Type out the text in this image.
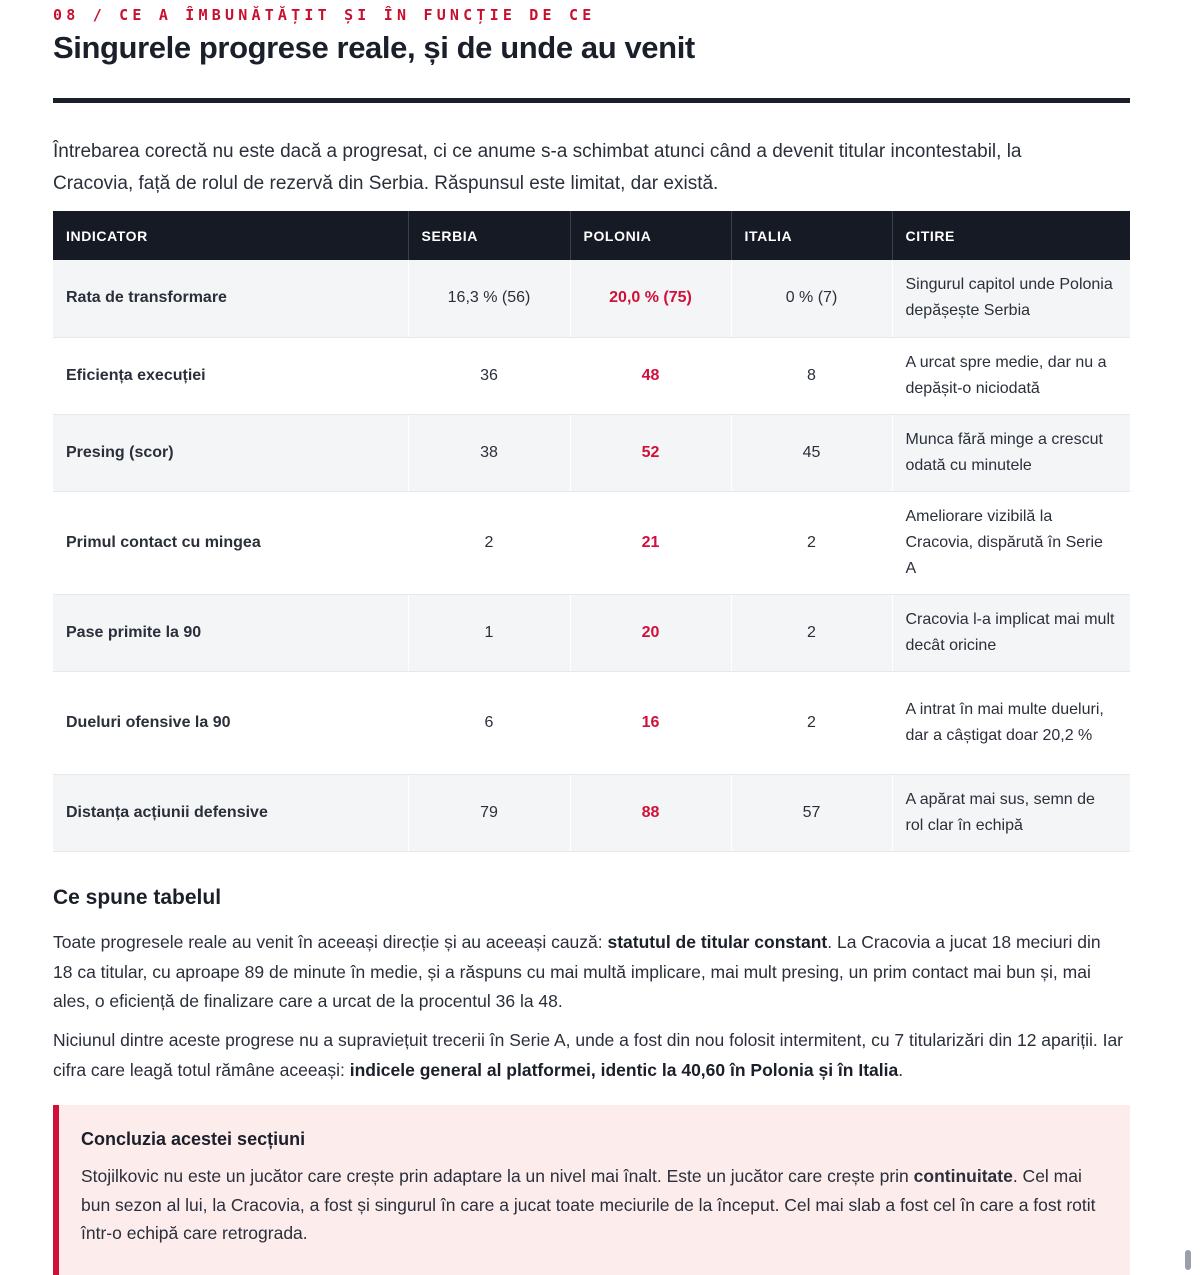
08 / CE A ÎMBUNĂTĂȚIT ȘI ÎN FUNCȚIE DE CE
Singurele progrese reale, și de unde au venit

Întrebarea corectă nu este dacă a progresat, ci ce anume s-a schimbat atunci când a devenit titular incontestabil, la Cracovia, față de rolul de rezervă din Serbia. Răspunsul este limitat, dar există.

INDICATOR	SERBIA	POLONIA	ITALIA	CITIRE
Rata de transformare	16,3 % (56)	20,0 % (75)	0 % (7)	Singurul capitol unde Polonia depășește Serbia
Eficiența execuției	36	48	8	A urcat spre medie, dar nu a depășit-o niciodată
Presing (scor)	38	52	45	Munca fără minge a crescut odată cu minutele
Primul contact cu mingea	2	21	2	Ameliorare vizibilă la Cracovia, dispărută în Serie A
Pase primite la 90	1	20	2	Cracovia l-a implicat mai mult decât oricine
Dueluri ofensive la 90	6	16	2	A intrat în mai multe dueluri, dar a câștigat doar 20,2 %
Distanța acțiunii defensive	79	88	57	A apărat mai sus, semn de rol clar în echipă
Ce spune tabelul

Toate progresele reale au venit în aceeași direcție și au aceeași cauză: statutul de titular constant. La Cracovia a jucat 18 meciuri din 18 ca titular, cu aproape 89 de minute în medie, și a răspuns cu mai multă implicare, mai mult presing, un prim contact mai bun și, mai ales, o eficiență de finalizare care a urcat de la procentul 36 la 48.

Niciunul dintre aceste progrese nu a supraviețuit trecerii în Serie A, unde a fost din nou folosit intermitent, cu 7 titularizări din 12 apariții. Iar cifra care leagă totul rămâne aceeași: indicele general al platformei, identic la 40,60 în Polonia și în Italia.

Concluzia acestei secțiuni

Stojilkovic nu este un jucător care crește prin adaptare la un nivel mai înalt. Este un jucător care crește prin continuitate. Cel mai bun sezon al lui, la Cracovia, a fost și singurul în care a jucat toate meciurile de la început. Cel mai slab a fost cel în care a fost rotit într-o echipă care retrograda.
